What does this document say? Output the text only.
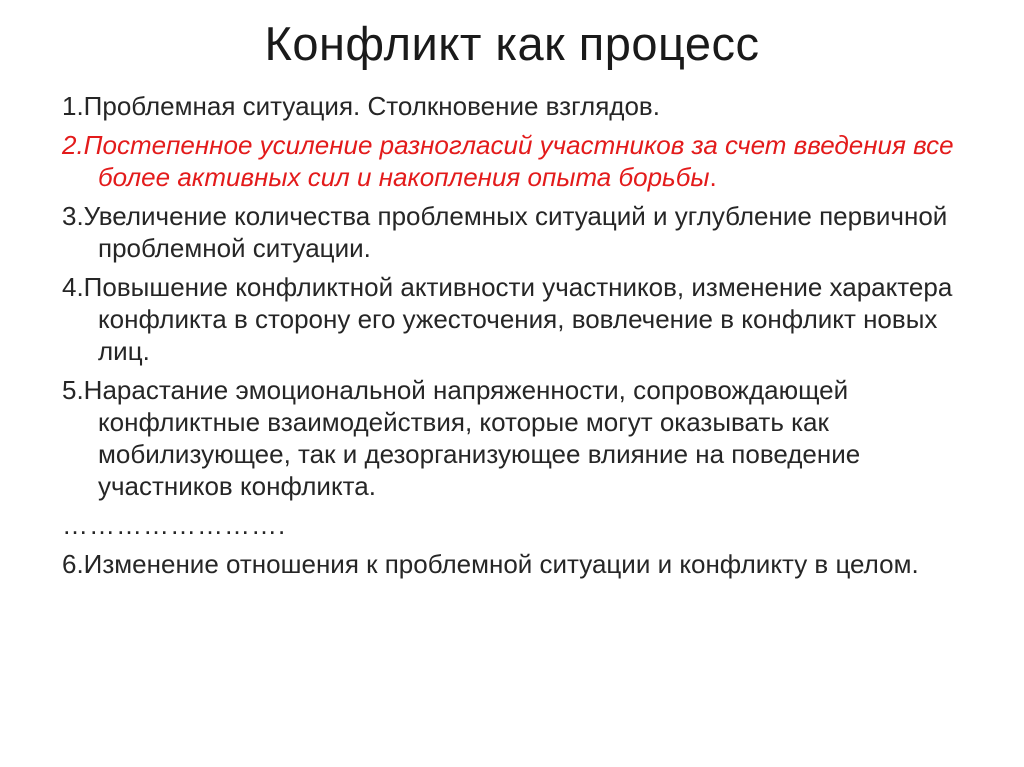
Конфликт как процесс
1.Проблемная ситуация. Столкновение взглядов.
2.Постепенное усиление разногласий участников за счет введения все более активных сил и накопления опыта борьбы.
3.Увеличение количества проблемных ситуаций и углубление первичной проблемной ситуации.
4.Повышение конфликтной активности участников, изменение характера конфликта в сторону его ужесточения, вовлечение в конфликт новых лиц.
5.Нарастание эмоциональной напряженности, сопровождающей конфликтные взаимодействия, которые могут оказывать как мобилизующее, так и дезорганизующее влияние на поведение участников конфликта.
…………………….
6.Изменение отношения к проблемной ситуации и конфликту в целом.
